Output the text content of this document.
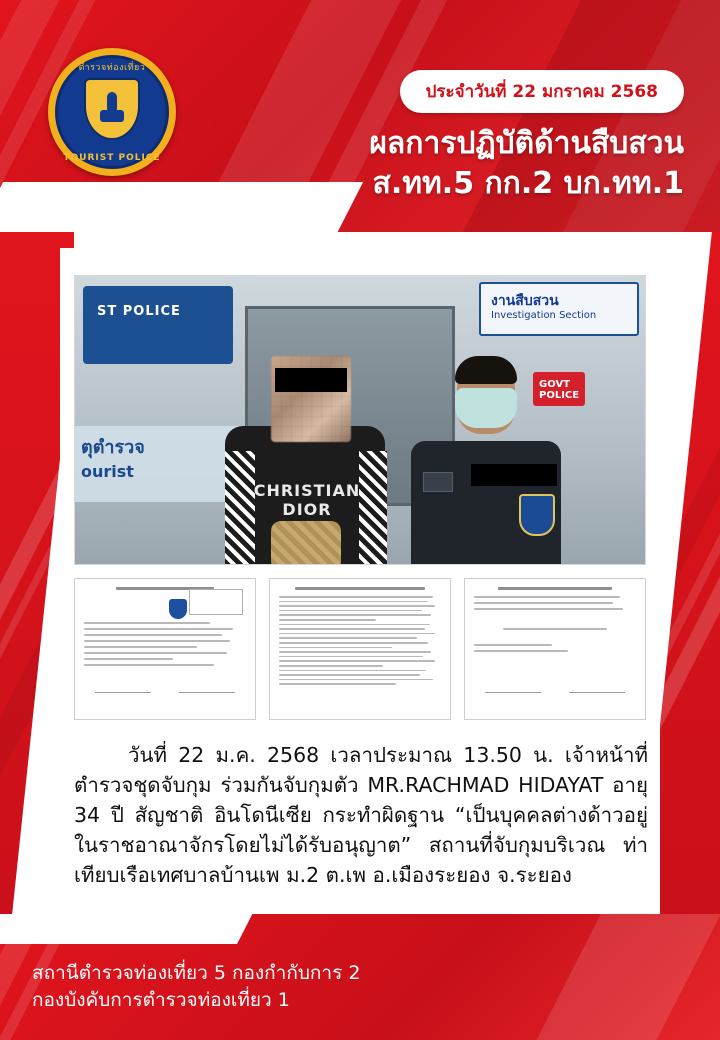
ตำรวจท่องเที่ยว
TOURIST POLICE
ประจำวันที่ 22 มกราคม 2568
ผลการปฏิบัติด้านสืบสวน
ส.ทท.5 กก.2 บก.ทท.1
ST POLICE
งานสืบสวน
Investigation Section
GOVT POLICE
ตุตำรวจ
ourist
CHRISTIAN DIOR
วันที่ 22 ม.ค. 2568 เวลาประมาณ 13.50 น. เจ้าหน้าที่ตำรวจชุดจับกุม ร่วมกันจับกุมตัว MR.RACHMAD HIDAYAT อายุ 34 ปี สัญชาติ อินโดนีเซีย กระทำผิดฐาน “เป็นบุคคลต่างด้าวอยู่ในราชอาณาจักรโดยไม่ได้รับอนุญาต” สถานที่จับกุมบริเวณ ท่าเทียบเรือเทศบาลบ้านเพ ม.2 ต.เพ อ.เมืองระยอง จ.ระยอง
สถานีตำรวจท่องเที่ยว 5 กองกำกับการ 2
กองบังคับการตำรวจท่องเที่ยว 1
